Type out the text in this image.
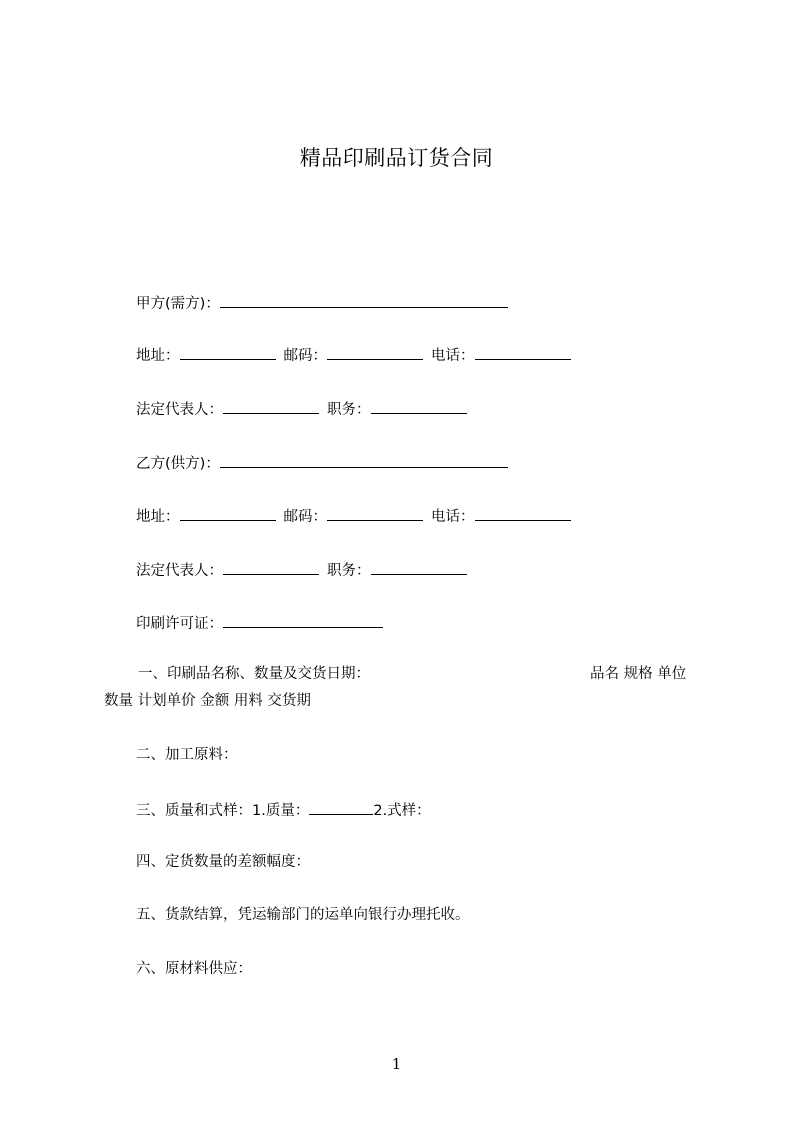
精品印刷品订货合同
甲方(需方)：
地址：	邮码：	电话：
法定代表人：	职务：
乙方(供方)：
地址：	邮码：	电话：
法定代表人：	职务：
印刷许可证：
一、印刷品名称、数量及交货日期：	品名 规格 单位
数量 计划单价 金额 用料 交货期
二、加工原料：
三、质量和式样：1.质量：	2.式样：
四、定货数量的差额幅度：
五、货款结算，凭运输部门的运单向银行办理托收。
六、原材料供应：
1
